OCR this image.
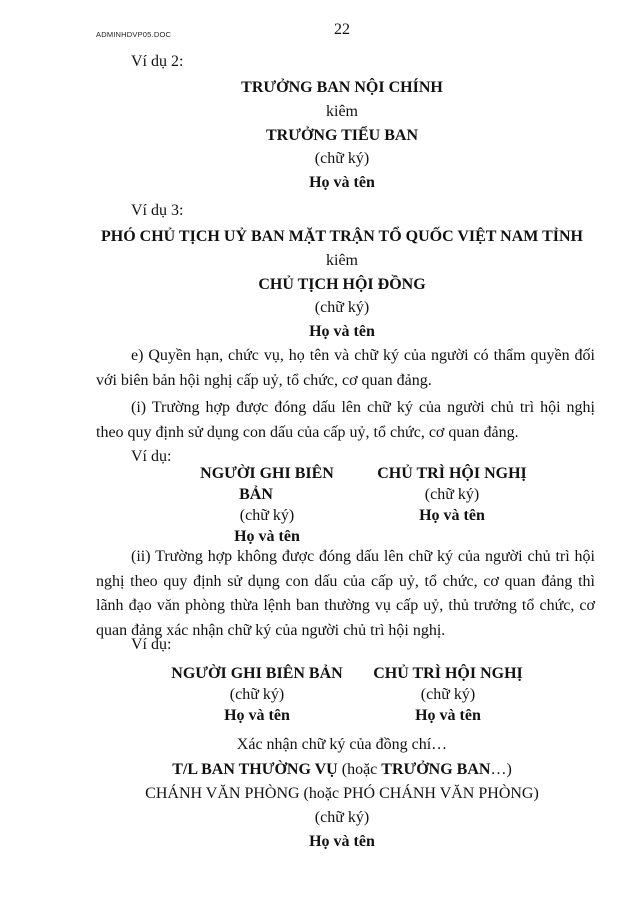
ADMINHDVP05.DOC	22
Ví dụ 2:
TRƯỞNG BAN NỘI CHÍNH
kiêm
TRƯỞNG TIỂU BAN
(chữ ký)
Họ và tên
Ví dụ 3:
PHÓ CHỦ TỊCH UỶ BAN MẶT TRẬN TỔ QUỐC VIỆT NAM TỈNH
kiêm
CHỦ TỊCH HỘI ĐỒNG
(chữ ký)
Họ và tên
e) Quyền hạn, chức vụ, họ tên và chữ ký của người có thẩm quyền đối với biên bản hội nghị cấp uỷ, tổ chức, cơ quan đảng.
(i) Trường hợp được đóng dấu lên chữ ký của người chủ trì hội nghị theo quy định sử dụng con dấu của cấp uỷ, tổ chức, cơ quan đảng.
Ví dụ:
NGƯỜI GHI BIÊN
BẢN
(chữ ký)
Họ và tên
CHỦ TRÌ HỘI NGHỊ
(chữ ký)
Họ và tên
(ii) Trường hợp không được đóng dấu lên chữ ký của người chủ trì hội nghị theo quy định sử dụng con dấu của cấp uỷ, tổ chức, cơ quan đảng thì lãnh đạo văn phòng thừa lệnh ban thường vụ cấp uỷ, thủ trưởng tổ chức, cơ quan đảng xác nhận chữ ký của người chủ trì hội nghị.
Ví dụ:
NGƯỜI GHI BIÊN BẢN
(chữ ký)
Họ và tên
CHỦ TRÌ HỘI NGHỊ
(chữ ký)
Họ và tên
Xác nhận chữ ký của đồng chí…
T/L BAN THƯỜNG VỤ (hoặc TRƯỞNG BAN…)
CHÁNH VĂN PHÒNG (hoặc PHÓ CHÁNH VĂN PHÒNG)
(chữ ký)
Họ và tên
